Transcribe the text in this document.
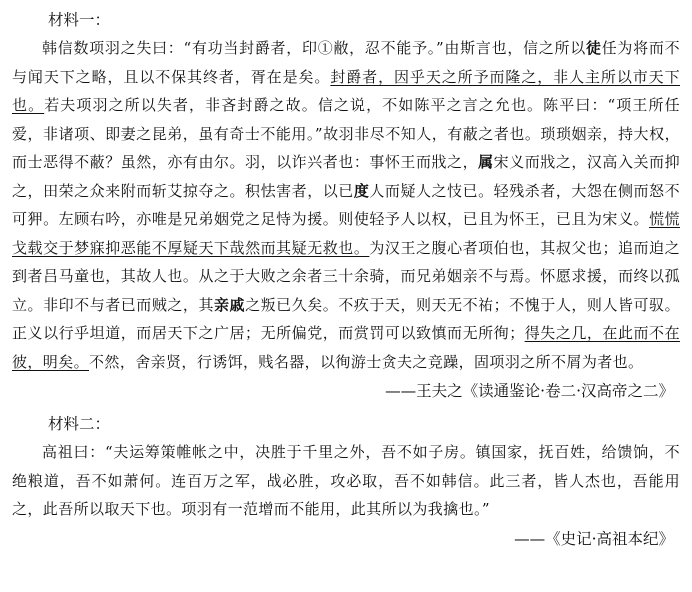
材料一：

韩信数项羽之失曰：“有功当封爵者，印①敝，忍不能予。”由斯言也，信之所以徒任为将而不与闻天下之略，且以不保其终者，胥在是矣。封爵者，因乎天之所予而隆之，非人主所以市天下也。若夫项羽之所以失者，非吝封爵之故。信之说，不如陈平之言之允也。陈平曰：“项王所任爱，非诸项、即妻之昆弟，虽有奇士不能用。”故羽非尽不知人，有蔽之者也。琐琐姻亲，持大权，而士恶得不蔽？虽然，亦有由尔。羽，以诈兴者也：事怀王而戕之，属宋义而戕之，汉高入关而抑之，田荣之众来附而斩艾掠夺之。积怯害者，以已度人而疑人之忮已。轻残杀者，大怨在侧而怒不可狎。左顾右吟，亦唯是兄弟姻党之足恃为援。则使轻予人以权，已且为怀王，已且为宋义。慌慌戈载交于梦寐抑恶能不厚疑天下哉然而其疑无救也。为汉王之腹心者项伯也，其叔父也；追而迫之到者吕马童也，其故人也。从之于大败之余者三十余骑，而兄弟姻亲不与焉。怀愿求援，而终以孤立。非印不与者已而贼之，其亲戚之叛已久矣。不疚于天，则天无不祐；不愧于人，则人皆可驭。正义以行乎坦道，而居天下之广居；无所偏党，而赏罚可以致慎而无所徇；得失之几，在此而不在彼，明矣。不然，舍亲贤，行诱饵，贱名器，以徇游士贪夫之竞躁，固项羽之所不屑为者也。

——王夫之《读通鉴论·卷二·汉高帝之二》
材料二：

高祖曰：“夫运筹策帷帐之中，决胜于千里之外，吾不如子房。镇国家，抚百姓，给馈饷，不绝粮道，吾不如萧何。连百万之军，战必胜，攻必取，吾不如韩信。此三者，皆人杰也，吾能用之，此吾所以取天下也。项羽有一范增而不能用，此其所以为我擒也。”

——《史记·高祖本纪》
